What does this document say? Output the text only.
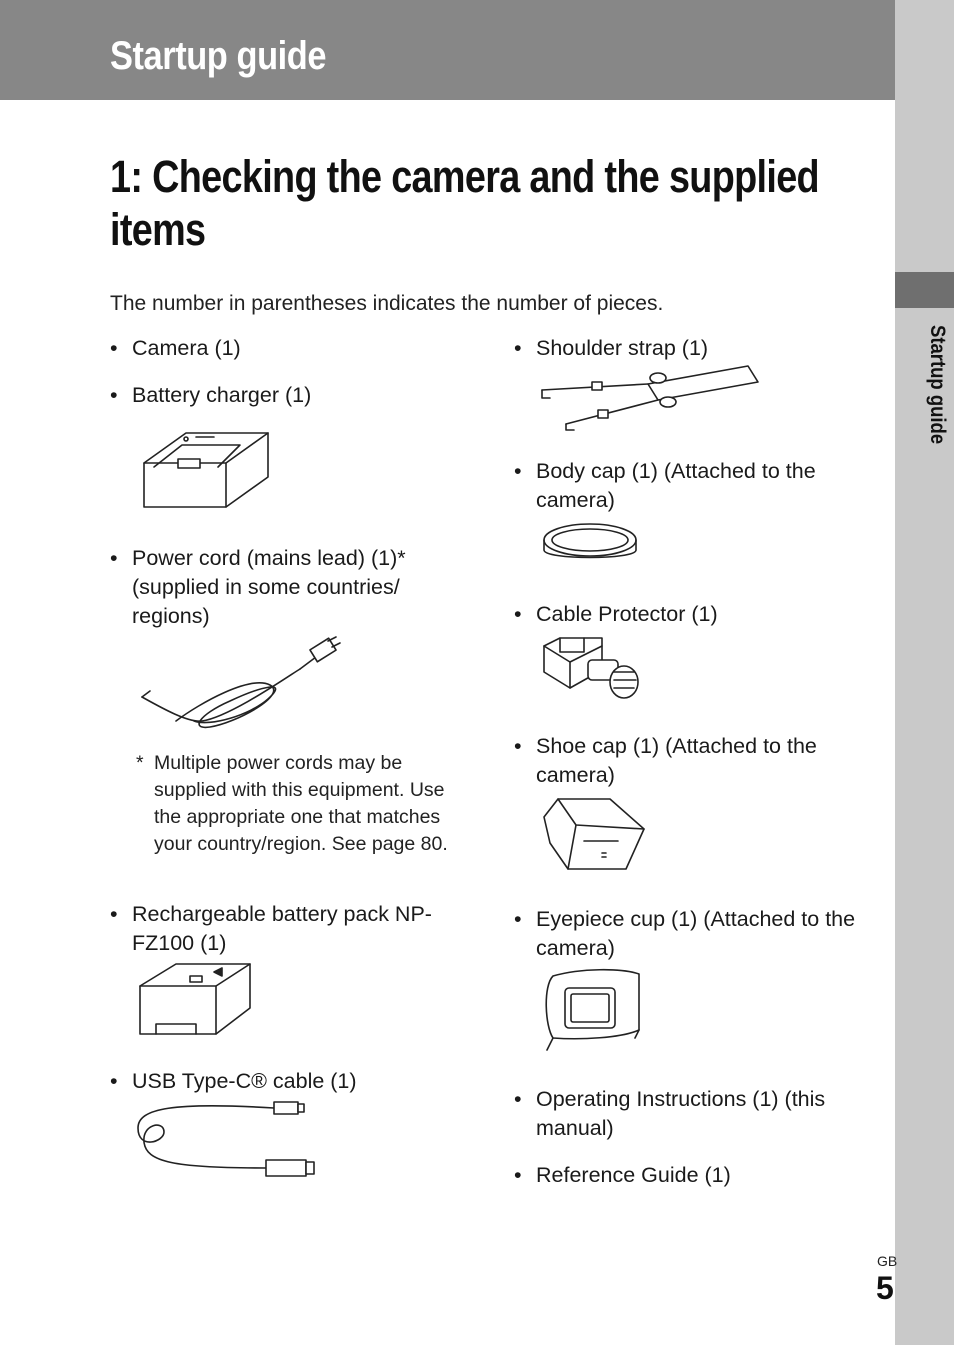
Startup guide
Startup guide
1: Checking the camera and the supplied items
The number in parentheses indicates the number of pieces.
• Camera (1)
• Battery charger (1)
• Power cord (mains lead) (1)* (supplied in some countries/ regions)
* Multiple power cords may be supplied with this equipment. Use the appropriate one that matches your country/region. See page 80.
• Rechargeable battery pack NP-FZ100 (1)
• USB Type-C® cable (1)
• Shoulder strap (1)
• Body cap (1) (Attached to the camera)
• Cable Protector (1)
• Shoe cap (1) (Attached to the camera)
• Eyepiece cup (1) (Attached to the camera)
• Operating Instructions (1) (this manual)
• Reference Guide (1)
GB
5
